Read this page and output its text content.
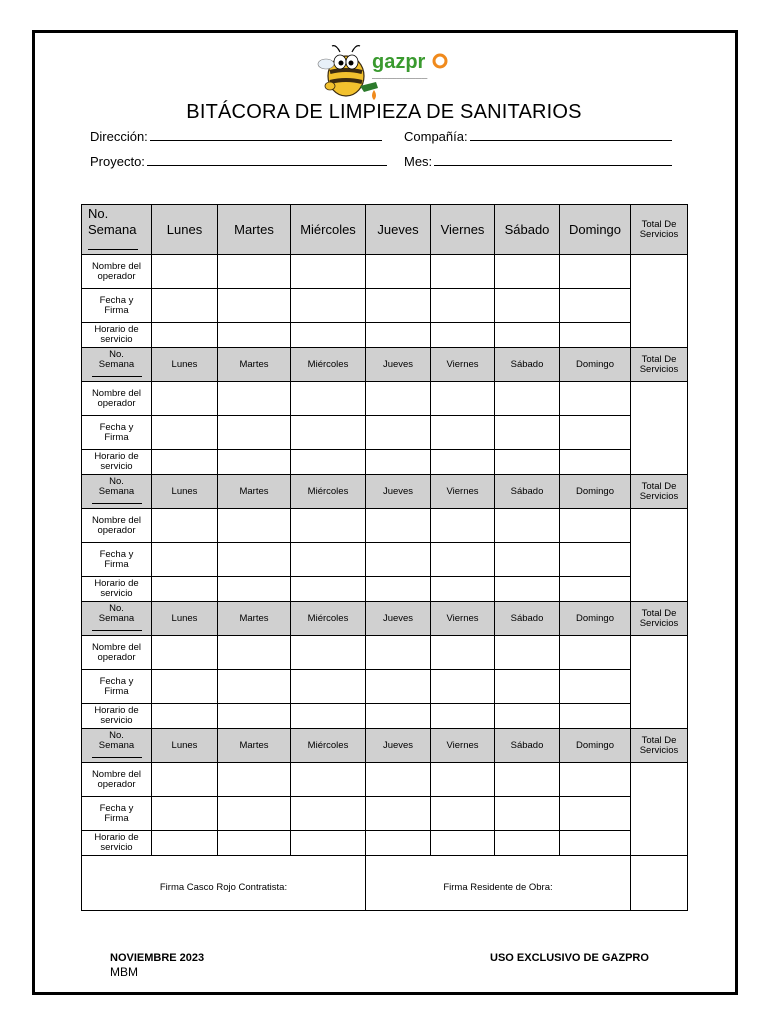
gazpr
▁▁▁▁▁▁▁▁▁▁▁▁▁▁▁▁▁▁
BITÁCORA DE LIMPIEZA DE SANITARIOS
Dirección:	Compañía:
Proyecto:	Mes:
No.
Semana	Lunes	Martes	Miércoles	Jueves	Viernes	Sábado	Domingo	Total De
Servicios
Nombre del
operador								
Fecha y
Firma								
Horario de
servicio								
No.
Semana	Lunes	Martes	Miércoles	Jueves	Viernes	Sábado	Domingo	Total De
Servicios
Nombre del
operador								
Fecha y
Firma								
Horario de
servicio								
No.
Semana	Lunes	Martes	Miércoles	Jueves	Viernes	Sábado	Domingo	Total De
Servicios
Nombre del
operador								
Fecha y
Firma								
Horario de
servicio								
No.
Semana	Lunes	Martes	Miércoles	Jueves	Viernes	Sábado	Domingo	Total De
Servicios
Nombre del
operador								
Fecha y
Firma								
Horario de
servicio								
No.
Semana	Lunes	Martes	Miércoles	Jueves	Viernes	Sábado	Domingo	Total De
Servicios
Nombre del
operador								
Fecha y
Firma								
Horario de
servicio								
Firma Casco Rojo Contratista:				Firma Residente de Obra:				
NOVIEMBRE 2023
MBM
USO EXCLUSIVO DE GAZPRO
